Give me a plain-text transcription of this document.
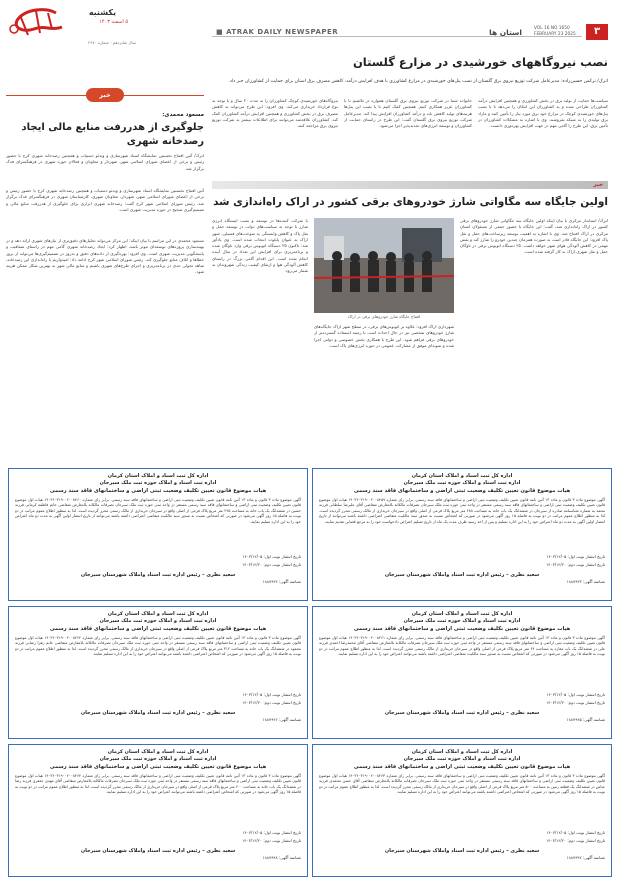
یکشنبه
۵ اسفند ۱۴۰۳
سال شانزدهم - شماره ۲۹۷۰
■ ATRAK DAILY NEWSPAPER	استان ها	VOL 16 NO 1650
FEBRUARY 23 2025	۳
نصب نیروگاههای خورشیدی در مزارع گلستان
اترک/ ترکمن حسین‌زاده: مدیرعامل شرکت توزیع نیروی برق گلستان از نصب پنل‌های خورشیدی در مزارع کشاورزی با هدف افزایش درآمد، کاهش مصرف برق استان برای حمایت از کشاورزان خبر داد.
سیاست‌ها حمایت از تولید برق در بخش کشاورزی و همچنین افزایش درآمد کشاورزان طراحی شده و به کشاورزان این امکان را می‌دهد تا با نصب پنل‌های خورشیدی کوچک در مزارع خود برق مورد نیاز را تأمین کنند و مازاد برق تولیدی را به شبکه بفروشند. وی با اشاره به مشکلات کشاورزان در تأمین برق، این طرح را گامی مهم در جهت افزایش بهره‌وری دانست.
خانواده شما در شرکت توزیع نیروی برق گلستان همواره در تلاشیم تا با کشاورزان عزیز همکاری کنیم. همچنین کمک کنیم تا با نصب این پنل‌ها هزینه‌های تولید کاهش یابد و درآمد کشاورزان افزایش پیدا کند. مدیرعامل شرکت توزیع نیروی برق گلستان گفت: این طرح در راستای حمایت از کشاورزان و توسعه انرژی‌های تجدیدپذیر اجرا می‌شود.
نیروگاه‌های خورشیدی کوچک کشاورزان را به مدت ۲۰ سال و با توجه به نوع قرارداد خریداری می‌کند. وی افزود: این طرح می‌تواند به کاهش مصرف برق در بخش کشاورزی و همچنین افزایش درآمد کشاورزان کمک کند. کشاورزان علاقه‌مند می‌توانند برای اطلاعات بیشتر به شرکت توزیع نیروی برق مراجعه کنند.
خبر
مسعود محمدی:
جلوگیری از هدررفت منابع مالی ایجاد رصدخانه شهری
اترک/ آئین افتتاح نخستین نمایشگاه اسناد شهرسازی و ویدئو دستیاب و همچنین رصدخانه شهری کرج با حضور رئیس و برخی از اعضای شورای اسلامی شهر، شهردار و معاونان و فعالان حوزه شهری در فرهنگسرای فدک برگزار شد.
آئین افتتاح نخستین نمایشگاه اسناد شهرسازی و ویدئو دستیاب و همچنین رصدخانه شهری کرج با حضور رئیس و برخی از اعضای شورای اسلامی شهر، شهردار، معاونان شهری، کارشناسان شهری در فرهنگسرای فدک برگزار شد. رئیس شورای اسلامی شهر کرج گفت: رصدخانه شهری ابزاری برای جلوگیری از هدررفت منابع مالی و تصمیم‌گیری صحیح در حوزه مدیریت شهری است.
مسعود محمدی در این مراسم با بیان اینکه: این مرکز می‌تواند تحلیل‌های دقیق‌تری از نیازهای شهری ارائه دهد و در بهینه‌سازی پروژه‌های توسعه‌ای موثر باشد، اظهار کرد: ایجاد رصدخانه شهری گامی مهم در راستای شفافیت و پاسخگویی مدیریت شهری است. وی افزود: بهره‌گیری از داده‌های دقیق و به‌روز در تصمیم‌گیری‌ها می‌تواند از بروز خطاها و اتلاف منابع جلوگیری کند. رئیس شورای اسلامی شهر کرج ادامه داد: امیدواریم با راه‌اندازی این رصدخانه، شاهد تحولی جدی در برنامه‌ریزی و اجرای طرح‌های شهری باشیم و منابع مالی شهر به بهترین شکل ممکن هزینه شود.
خبر
اولین جایگاه سه مگاواتی شارژ خودروهای برقی کشور در اراک راه‌اندازی شد
اترک/ استاندار مرکزی با بیان اینکه اولین جایگاه سه مگاواتی شارژ خودروهای برقی کشور در اراک راه‌اندازی شد، گفت: این جایگاه با حضور جمعی از مسئولان استان مرکزی در اراک افتتاح شد. وی با اشاره به اهمیت توسعه زیرساخت‌های حمل و نقل پاک افزود: این جایگاه قادر است به صورت همزمان چندین خودرو را شارژ کند و نقش مهمی در کاهش آلودگی هوای شهر خواهد داشت. ۲۵ دستگاه اتوبوس برقی در ناوگان حمل و نقل شهری اراک به کار گرفته شده است.
افتتاح جایگاه شارژ خودروهای برقی در اراک
شهرداری اراک افزود: علاوه بر اتوبوس‌های برقی، در سطح شهر اراک جایگاه‌های شارژ خودروهای شخصی نیز در حال احداث است تا زمینه استفاده گسترده‌تر از خودروهای برقی فراهم شود. این طرح با همکاری بخش خصوصی و دولتی اجرا شده و نمونه‌ای موفق از مشارکت عمومی در حوزه انرژی‌های پاک است.
با شرکت کننده‌ها در توسعه و نصب ایستگاه انرژی شارژ با توجه به سیاست‌های دولت در توسعه حمل و نقل پاک و کاهش وابستگی به سوخت‌های فسیلی، شهر اراک به عنوان پایلوت انتخاب شده است. وی یادآور شد: تاکنون ۲۵ دستگاه اتوبوس برقی وارد ناوگان شده و برنامه‌ریزی برای افزایش این تعداد در سال آینده انجام شده است. این اقدام گامی بزرگ در راستای کاهش آلودگی هوا و ارتقای کیفیت زندگی شهروندان به شمار می‌رود.
اداره کل ثبت اسناد و املاک استان کرمان
اداره ثبت اسناد و املاک حوزه ثبت ملک سیرجان
هیات موضوع قانون تعیین تکلیف وضعیت ثبتی اراضی و ساختمانهای فاقد سند رسمی
آگهی موضوع ماده ۳ قانون و ماده ۱۳ آئین نامه قانون تعیین تکلیف وضعیت ثبتی اراضی و ساختمانهای فاقد سند رسمی. برابر رای شماره ۱۴۰۳۶۰۳۱۹۰۰۲۰۰۸۴۵۹ هیات اول موضوع قانون تعیین تکلیف وضعیت ثبتی اراضی و ساختمانهای فاقد سند رسمی مستقر در واحد ثبتی حوزه ثبت ملک سیرجان تصرفات مالکانه بلامعارض متقاضی آقای علیرضا سلطانی فرزند محمد به شماره شناسنامه صادره از سیرجان در ششدانگ یک باب خانه به مساحت ۲۸۸ متر مربع پلاک فرعی از اصلی واقع در سیرجان خریداری از مالک رسمی محرز گردیده است. لذا به منظور اطلاع عموم مراتب در دو نوبت به فاصله ۱۵ روز آگهی می‌شود در صورتی که اشخاص نسبت به صدور سند مالکیت متقاضی اعتراضی داشته باشند می‌توانند از تاریخ انتشار اولین آگهی به مدت دو ماه اعتراض خود را به این اداره تسلیم و پس از اخذ رسید ظرف مدت یک ماه از تاریخ تسلیم اعتراض دادخواست خود را به مرجع قضایی تقدیم نمایند.
تاریخ انتشار نوبت اول: ۱۴۰۳/۱۲/۰۵
تاریخ انتشار نوبت دوم: ۱۴۰۳/۱۲/۲۰
سعید نظری – رئیس اداره ثبت اسناد واملاک شهرستان سیرجان
شناسه آگهی: ۱۸۸۷۹۴۳
اداره کل ثبت اسناد و املاک استان کرمان
اداره ثبت اسناد و املاک حوزه ثبت ملک سیرجان
هیات موضوع قانون تعیین تکلیف وضعیت ثبتی اراضی و ساختمانهای فاقد سند رسمی
آگهی موضوع ماده ۳ قانون و ماده ۱۳ آئین نامه قانون تعیین تکلیف وضعیت ثبتی اراضی و ساختمانهای فاقد سند رسمی. برابر رای شماره ۱۴۰۳۶۰۳۱۹۰۰۲۰۰۸۴۶۰ هیات اول موضوع قانون تعیین تکلیف وضعیت ثبتی اراضی و ساختمانهای فاقد سند رسمی مستقر در واحد ثبتی حوزه ثبت ملک سیرجان تصرفات مالکانه بلامعارض متقاضی خانم فاطمه کرمانی فرزند حسین در ششدانگ یک باب خانه به مساحت ۲۴۵ متر مربع پلاک فرعی از اصلی واقع در سیرجان خریداری از مالک رسمی محرز گردیده است. لذا به منظور اطلاع عموم مراتب در دو نوبت به فاصله ۱۵ روز آگهی می‌شود در صورتی که اشخاص نسبت به صدور سند مالکیت متقاضی اعتراضی داشته باشند می‌توانند از تاریخ انتشار اولین آگهی به مدت دو ماه اعتراض خود را به این اداره تسلیم نمایند.
تاریخ انتشار نوبت اول: ۱۴۰۳/۱۲/۰۵
تاریخ انتشار نوبت دوم: ۱۴۰۳/۱۲/۲۰
سعید نظری – رئیس اداره ثبت اسناد واملاک شهرستان سیرجان
شناسه آگهی: ۱۸۸۷۹۴۴
اداره کل ثبت اسناد و املاک استان کرمان
اداره ثبت اسناد و املاک حوزه ثبت ملک سیرجان
هیات موضوع قانون تعیین تکلیف وضعیت ثبتی اراضی و ساختمانهای فاقد سند رسمی
آگهی موضوع ماده ۳ قانون و ماده ۱۳ آئین نامه قانون تعیین تکلیف وضعیت ثبتی اراضی و ساختمانهای فاقد سند رسمی. برابر رای شماره ۱۴۰۳۶۰۳۱۹۰۰۲۰۰۸۴۶۱ هیات اول موضوع قانون تعیین تکلیف وضعیت ثبتی اراضی و ساختمانهای فاقد سند رسمی مستقر در واحد ثبتی حوزه ثبت ملک سیرجان تصرفات مالکانه بلامعارض متقاضی آقای محمدرضا احمدی فرزند علی در ششدانگ یک باب مغازه به مساحت ۶۴ متر مربع پلاک فرعی از اصلی واقع در سیرجان خریداری از مالک رسمی محرز گردیده است. لذا به منظور اطلاع عموم مراتب در دو نوبت به فاصله ۱۵ روز آگهی می‌شود در صورتی که اشخاص نسبت به صدور سند مالکیت متقاضی اعتراضی داشته باشند می‌توانند اعتراض خود را به این اداره تسلیم نمایند.
تاریخ انتشار نوبت اول: ۱۴۰۳/۱۲/۰۵
تاریخ انتشار نوبت دوم: ۱۴۰۳/۱۲/۲۰
سعید نظری – رئیس اداره ثبت اسناد واملاک شهرستان سیرجان
شناسه آگهی: ۱۸۸۷۹۴۵
اداره کل ثبت اسناد و املاک استان کرمان
اداره ثبت اسناد و املاک حوزه ثبت ملک سیرجان
هیات موضوع قانون تعیین تکلیف وضعیت ثبتی اراضی و ساختمانهای فاقد سند رسمی
آگهی موضوع ماده ۳ قانون و ماده ۱۳ آئین نامه قانون تعیین تکلیف وضعیت ثبتی اراضی و ساختمانهای فاقد سند رسمی. برابر رای شماره ۱۴۰۳۶۰۳۱۹۰۰۲۰۰۸۴۶۲ هیات اول موضوع قانون تعیین تکلیف وضعیت ثبتی اراضی و ساختمانهای فاقد سند رسمی مستقر در واحد ثبتی حوزه ثبت ملک سیرجان تصرفات مالکانه بلامعارض متقاضی خانم زهرا رضایی فرزند محمود در ششدانگ یک باب خانه به مساحت ۳۱۲ متر مربع پلاک فرعی از اصلی واقع در سیرجان خریداری از مالک رسمی محرز گردیده است. لذا به منظور اطلاع عموم مراتب در دو نوبت به فاصله ۱۵ روز آگهی می‌شود در صورتی که اشخاص اعتراضی داشته باشند می‌توانند اعتراض خود را به این اداره تسلیم نمایند.
تاریخ انتشار نوبت اول: ۱۴۰۳/۱۲/۰۵
تاریخ انتشار نوبت دوم: ۱۴۰۳/۱۲/۲۰
سعید نظری – رئیس اداره ثبت اسناد واملاک شهرستان سیرجان
شناسه آگهی: ۱۸۸۷۹۴۶
اداره کل ثبت اسناد و املاک استان کرمان
اداره ثبت اسناد و املاک حوزه ثبت ملک سیرجان
هیات موضوع قانون تعیین تکلیف وضعیت ثبتی اراضی و ساختمانهای فاقد سند رسمی
آگهی موضوع ماده ۳ قانون و ماده ۱۳ آئین نامه قانون تعیین تکلیف وضعیت ثبتی اراضی و ساختمانهای فاقد سند رسمی. برابر رای شماره ۱۴۰۳۶۰۳۱۹۰۰۲۰۰۸۴۶۳ هیات اول موضوع قانون تعیین تکلیف وضعیت ثبتی اراضی و ساختمانهای فاقد سند رسمی مستقر در واحد ثبتی حوزه ثبت ملک سیرجان تصرفات مالکانه بلامعارض متقاضی آقای حسن محمدی فرزند عباس در ششدانگ یک قطعه زمین به مساحت ۵۰۰ متر مربع پلاک فرعی از اصلی واقع در سیرجان خریداری از مالک رسمی محرز گردیده است. لذا به منظور اطلاع عموم مراتب در دو نوبت به فاصله ۱۵ روز آگهی می‌شود در صورتی که اشخاص اعتراضی داشته باشند می‌توانند اعتراض خود را به این اداره تسلیم نمایند.
تاریخ انتشار نوبت اول: ۱۴۰۳/۱۲/۰۵
تاریخ انتشار نوبت دوم: ۱۴۰۳/۱۲/۲۰
سعید نظری – رئیس اداره ثبت اسناد واملاک شهرستان سیرجان
شناسه آگهی: ۱۸۸۷۹۴۷
اداره کل ثبت اسناد و املاک استان کرمان
اداره ثبت اسناد و املاک حوزه ثبت ملک سیرجان
هیات موضوع قانون تعیین تکلیف وضعیت ثبتی اراضی و ساختمانهای فاقد سند رسمی
آگهی موضوع ماده ۳ قانون و ماده ۱۳ آئین نامه قانون تعیین تکلیف وضعیت ثبتی اراضی و ساختمانهای فاقد سند رسمی. برابر رای شماره ۱۴۰۳۶۰۳۱۹۰۰۲۰۰۸۴۶۴ هیات اول موضوع قانون تعیین تکلیف وضعیت ثبتی اراضی و ساختمانهای فاقد سند رسمی مستقر در واحد ثبتی حوزه ثبت ملک سیرجان تصرفات مالکانه بلامعارض متقاضی آقای مهدی جعفری فرزند رضا در ششدانگ یک باب خانه به مساحت ۲۰۰ متر مربع پلاک فرعی از اصلی واقع در سیرجان خریداری از مالک رسمی محرز گردیده است. لذا به منظور اطلاع عموم مراتب در دو نوبت به فاصله ۱۵ روز آگهی می‌شود در صورتی که اشخاص اعتراضی داشته باشند می‌توانند اعتراض خود را به این اداره تسلیم نمایند.
تاریخ انتشار نوبت اول: ۱۴۰۳/۱۲/۰۵
تاریخ انتشار نوبت دوم: ۱۴۰۳/۱۲/۲۰
سعید نظری – رئیس اداره ثبت اسناد واملاک شهرستان سیرجان
شناسه آگهی: ۱۸۸۷۹۴۸
